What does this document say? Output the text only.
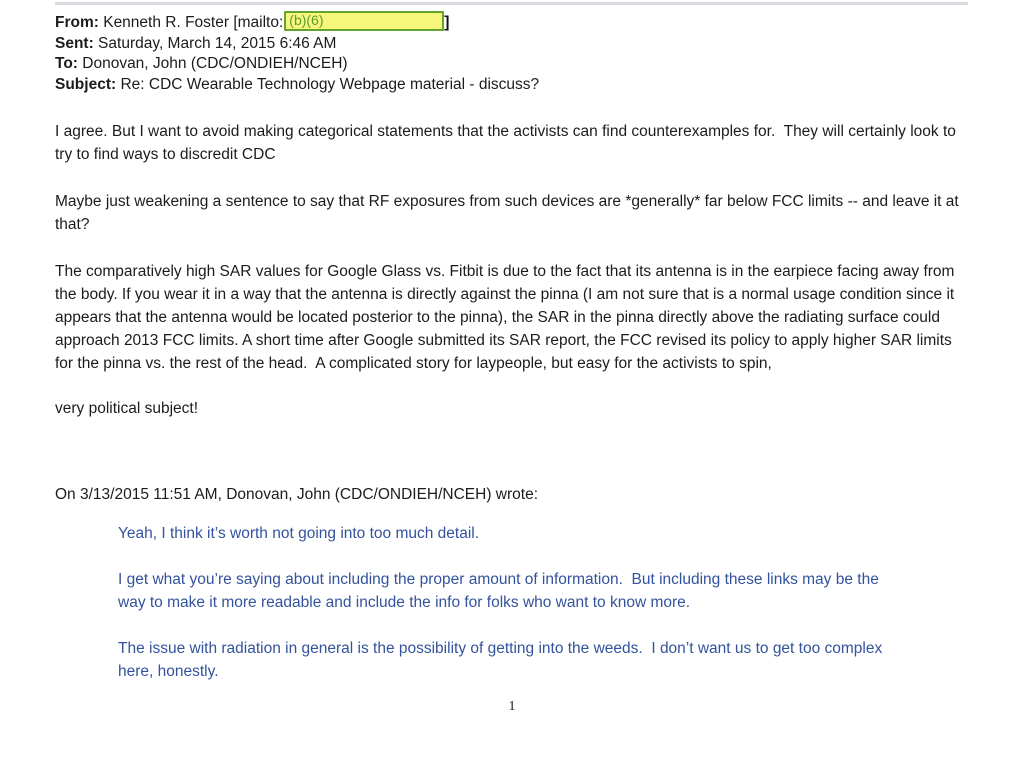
From: Kenneth R. Foster [mailto: (b)(6)	]
Sent: Saturday, March 14, 2015 6:46 AM
To: Donovan, John (CDC/ONDIEH/NCEH)
Subject: Re: CDC Wearable Technology Webpage material - discuss?

I agree. But I want to avoid making categorical statements that the activists can find counterexamples for.  They will certainly look to try to find ways to discredit CDC

Maybe just weakening a sentence to say that RF exposures from such devices are *generally* far below FCC limits -- and leave it at that?

The comparatively high SAR values for Google Glass vs. Fitbit is due to the fact that its antenna is in the earpiece facing away from the body. If you wear it in a way that the antenna is directly against the pinna (I am not sure that is a normal usage condition since it appears that the antenna would be located posterior to the pinna), the SAR in the pinna directly above the radiating surface could approach 2013 FCC limits. A short time after Google submitted its SAR report, the FCC revised its policy to apply higher SAR limits for the pinna vs. the rest of the head.  A complicated story for laypeople, but easy for the activists to spin,

very political subject!

On 3/13/2015 11:51 AM, Donovan, John (CDC/ONDIEH/NCEH) wrote:

Yeah, I think it’s worth not going into too much detail.

I get what you’re saying about including the proper amount of information.  But including these links may be the way to make it more readable and include the info for folks who want to know more.

The issue with radiation in general is the possibility of getting into the weeds.  I don’t want us to get too complex here, honestly.

1
